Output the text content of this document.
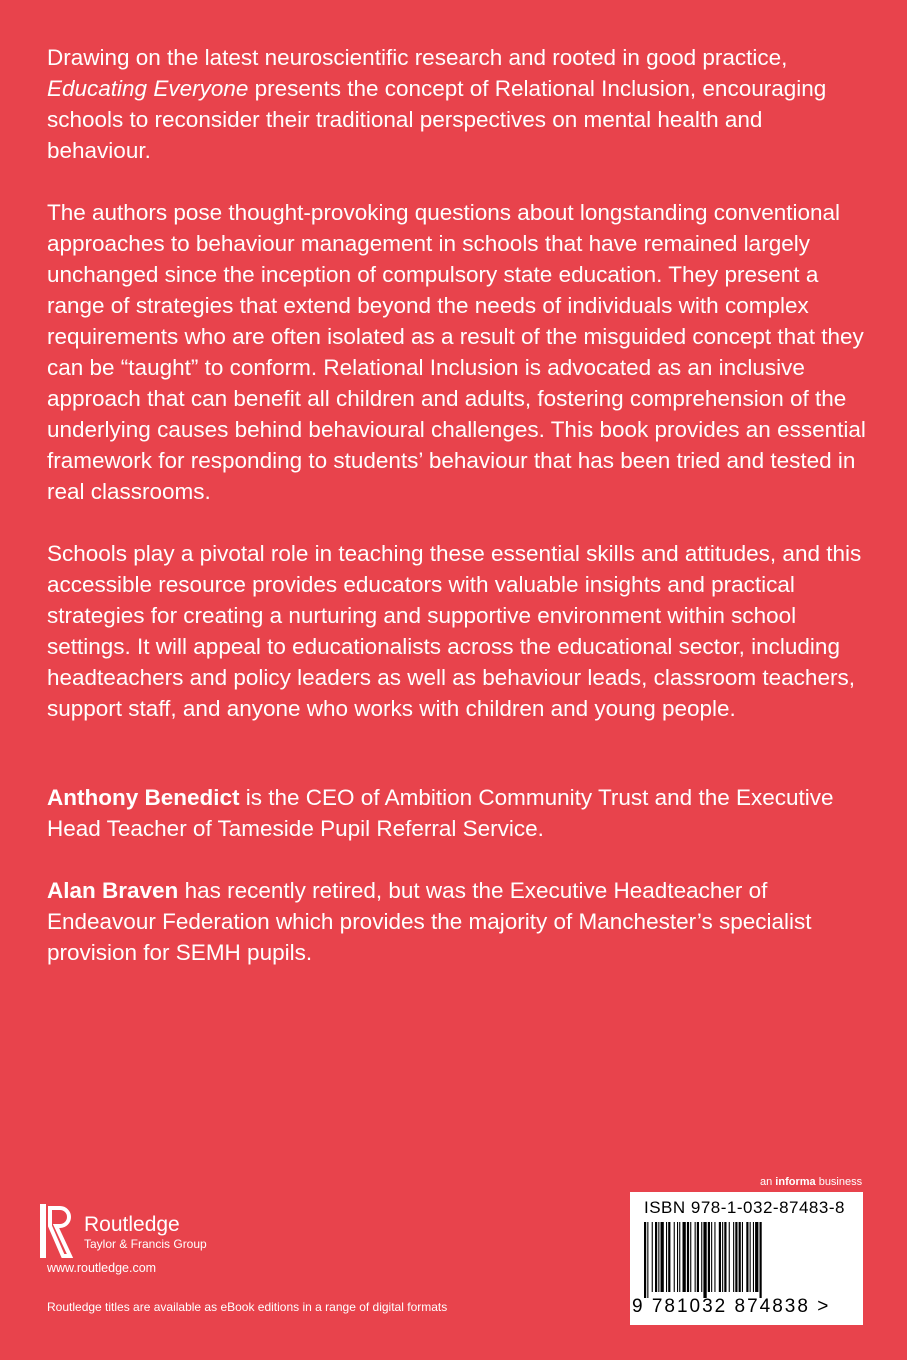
Drawing on the latest neuroscientific research and rooted in good practice, Educating Everyone presents the concept of Relational Inclusion, encouraging schools to reconsider their traditional perspectives on mental health and behaviour.

The authors pose thought-provoking questions about longstanding conventional approaches to behaviour management in schools that have remained largely unchanged since the inception of compulsory state education. They present a range of strategies that extend beyond the needs of individuals with complex requirements who are often isolated as a result of the misguided concept that they can be “taught” to conform. Relational Inclusion is advocated as an inclusive approach that can benefit all children and adults, fostering comprehension of the underlying causes behind behavioural challenges. This book provides an essential framework for responding to students’ behaviour that has been tried and tested in real classrooms.

Schools play a pivotal role in teaching these essential skills and attitudes, and this accessible resource provides educators with valuable insights and practical strategies for creating a nurturing and supportive environment within school settings. It will appeal to educationalists across the educational sector, including headteachers and policy leaders as well as behaviour leads, classroom teachers, support staff, and anyone who works with children and young people.

Anthony Benedict is the CEO of Ambition Community Trust and the Executive Head Teacher of Tameside Pupil Referral Service.

Alan Braven has recently retired, but was the Executive Headteacher of Endeavour Federation which provides the majority of Manchester’s specialist provision for SEMH pupils.

Routledge
Taylor & Francis Group
www.routledge.com
Routledge titles are available as eBook editions in a range of digital formats
an informa business
ISBN 978-1-032-87483-8
9 781032 874838 >
